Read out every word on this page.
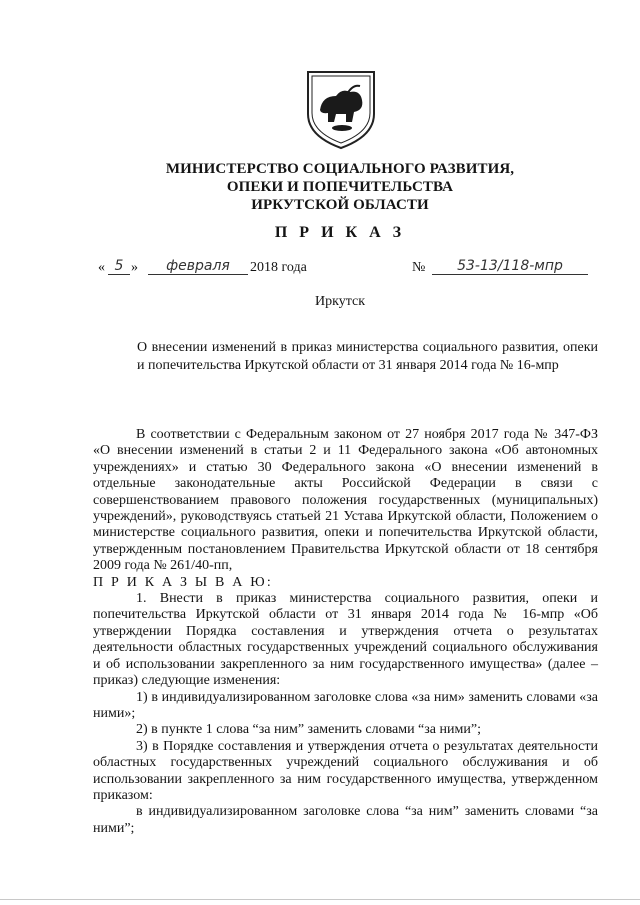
МИНИСТЕРСТВО СОЦИАЛЬНОГО РАЗВИТИЯ,
ОПЕКИ И ПОПЕЧИТЕЛЬСТВА
ИРКУТСКОЙ ОБЛАСТИ
П Р И К А З
« 5 »	февраля	2018 года	№	53-13/118-мпр
Иркутск
О внесении изменений в приказ министерства социального развития, опеки и попечительства Иркутской области от 31 января 2014 года № 16-мпр

В соответствии с Федеральным законом от 27 ноября 2017 года № 347-ФЗ «О внесении изменений в статьи 2 и 11 Федерального закона «Об автономных учреждениях» и статью 30 Федерального закона «О внесении изменений в отдельные законодательные акты Российской Федерации в связи с совершенствованием правового положения государственных (муниципальных) учреждений», руководствуясь статьей 21 Устава Иркутской области, Положением о министерстве социального развития, опеки и попечительства Иркутской области, утвержденным постановлением Правительства Иркутской области от 18 сентября 2009 года № 261/40-пп,

П Р И К А З Ы В А Ю:

1. Внести в приказ министерства социального развития, опеки и попечительства Иркутской области от 31 января 2014 года № 16-мпр «Об утверждении Порядка составления и утверждения отчета о результатах деятельности областных государственных учреждений социального обслуживания и об использовании закрепленного за ним государственного имущества» (далее – приказ) следующие изменения:

1) в индивидуализированном заголовке слова «за ним» заменить словами «за ними»;

2) в пункте 1 слова “за ним” заменить словами “за ними”;

3) в Порядке составления и утверждения отчета о результатах деятельности областных государственных учреждений социального обслуживания и об использовании закрепленного за ним государственного имущества, утвержденном приказом:

в индивидуализированном заголовке слова “за ним” заменить словами “за ними”;
